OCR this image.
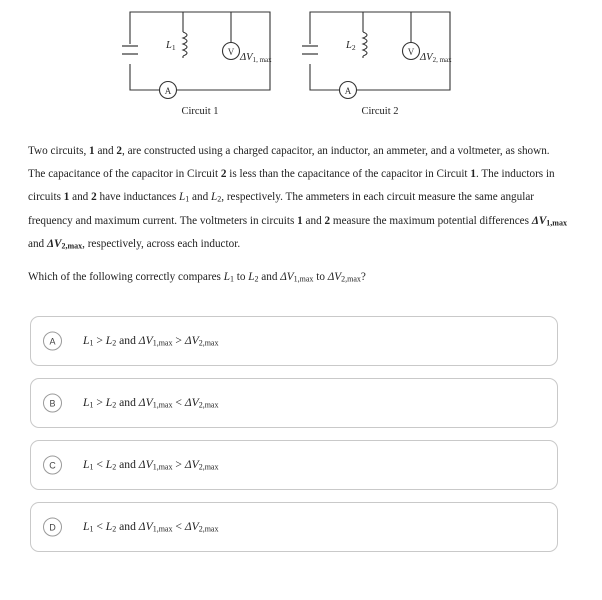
V
A
$L_1$
$\Delta V_{1, max}$
Circuit 1
V
A
$L_2$
$\Delta V_{2, max}$
Circuit 2
Two circuits, 1 and 2, are constructed using a charged capacitor, an inductor, an ammeter, and a voltmeter, as shown. The capacitance of the capacitor in Circuit 2 is less than the capacitance of the capacitor in Circuit 1. The inductors in circuits 1 and 2 have inductances $L_1$ and $L_2$, respectively. The ammeters in each circuit measure the same angular frequency and maximum current. The voltmeters in circuits 1 and 2 measure the maximum potential differences ΔV1,max and ΔV2,max, respectively, across each inductor.
Which of the following correctly compares $L_1$ to $L_2$ and $\Delta V_{1,max}$ to $\Delta V_{2,max}$?
A	$L_1 > L_2$ and $\Delta V_{1,max} > \Delta V_{2,max}$
B	$L_1 > L_2$ and $\Delta V_{1,max} < \Delta V_{2,max}$
C	$L_1 < L_2$ and $\Delta V_{1,max} > \Delta V_{2,max}$
D	$L_1 < L_2$ and $\Delta V_{1,max} < \Delta V_{2,max}$
